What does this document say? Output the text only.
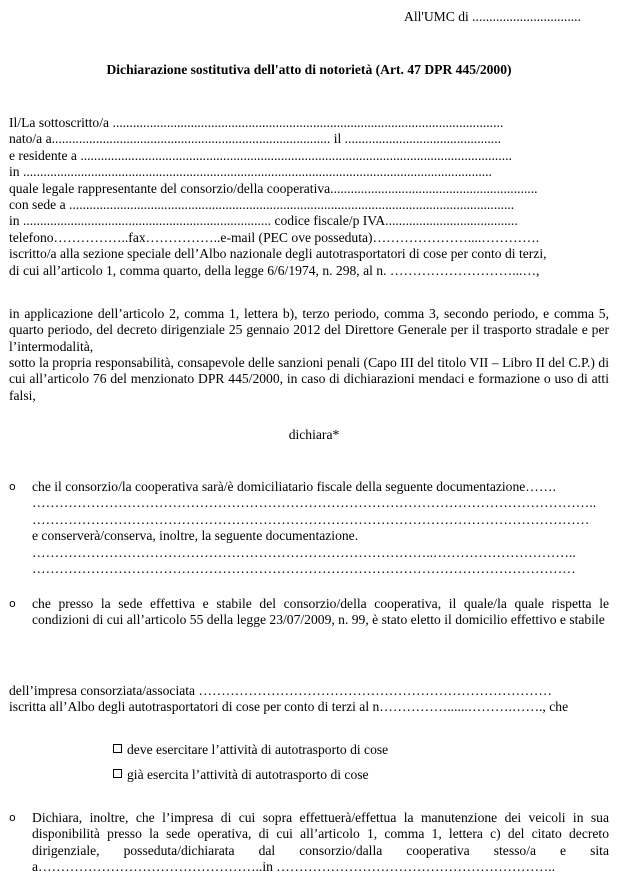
All'UMC di ................................
Dichiarazione sostitutiva dell'atto di notorietà (Art. 47 DPR 445/2000)
Il/La sottoscritto/a ...................................................................................................................
nato/a a.................................................................................. il ..............................................
e residente a ...............................................................................................................................
in ..........................................................................................................................................
quale legale rappresentante del consorzio/della cooperativa.............................................................
con sede a ...................................................................................................................................
in ......................................................................... codice fiscale/p IVA.......................................
telefono……………..fax……………..e-mail (PEC ove posseduta)…………………....………….
iscritto/a alla sezione speciale dell’Albo nazionale degli autotrasportatori di cose per conto di terzi,
di cui all’articolo 1, comma quarto, della legge 6/6/1974, n. 298, al n. ………………………...…,
in applicazione dell’articolo 2, comma 1, lettera b), terzo periodo, comma 3, secondo periodo, e comma 5, quarto periodo, del decreto dirigenziale 25 gennaio 2012 del Direttore Generale per il trasporto stradale e per l’intermodalità,
sotto la propria responsabilità, consapevole delle sanzioni penali (Capo III del titolo VII – Libro II del C.P.) di cui all’articolo 76 del menzionato DPR 445/2000, in caso di dichiarazioni mendaci e formazione o uso di atti falsi,
dichiara*
o	che il consorzio/la cooperativa sarà/è domiciliatario fiscale della seguente documentazione…….
……………………………………………………………………………………………………………..
……………………………………………………………………………………………………………
e conserverà/conserva, inoltre, la seguente documentazione.
……………………………………………………………………………..…………………………..
…………………………………………………………………………………………………………
o	che presso la sede effettiva e stabile del consorzio/della cooperativa, il quale/la quale rispetta le condizioni di cui all’articolo 55 della legge 23/07/2009, n. 99, è stato eletto il domicilio effettivo e stabile
dell’impresa consorziata/associata ……………………………………………………………………
iscritta all’Albo degli autotrasportatori di cose per conto di terzi al n……………......……….……., che
deve esercitare l’attività di autotrasporto di cose
già esercita l’attività di autotrasporto di cose
o	Dichiara, inoltre, che l’impresa di cui sopra effettuerà/effettua la manutenzione dei veicoli in sua disponibilità presso la sede operativa, di cui all’articolo 1, comma 1, lettera c) del citato decreto dirigenziale, posseduta/dichiarata dal consorzio/dalla cooperativa stesso/a e sita a…………………………………………..in ……………………………………………………..
